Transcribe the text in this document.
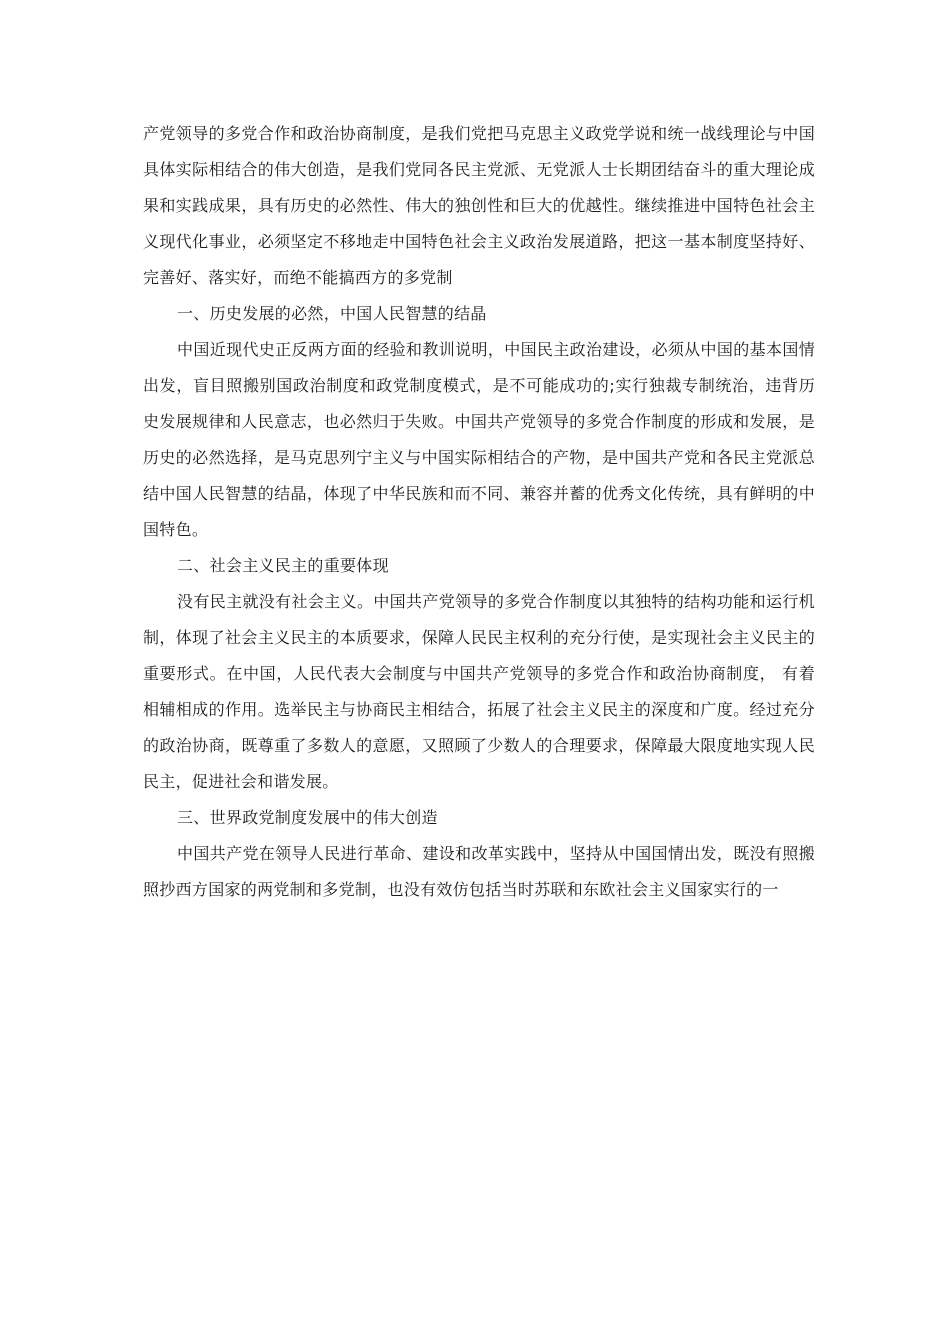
产党领导的多党合作和政治协商制度，是我们党把马克思主义政党学说和统一战线理论与中国具体实际相结合的伟大创造，是我们党同各民主党派、无党派人士长期团结奋斗的重大理论成果和实践成果，具有历史的必然性、伟大的独创性和巨大的优越性。继续推进中国特色社会主义现代化事业，必须坚定不移地走中国特色社会主义政治发展道路，把这一基本制度坚持好、完善好、落实好，而绝不能搞西方的多党制

一、历史发展的必然，中国人民智慧的结晶

中国近现代史正反两方面的经验和教训说明，中国民主政治建设，必须从中国的基本国情出发，盲目照搬别国政治制度和政党制度模式，是不可能成功的;实行独裁专制统治，违背历史发展规律和人民意志，也必然归于失败。中国共产党领导的多党合作制度的形成和发展，是历史的必然选择，是马克思列宁主义与中国实际相结合的产物，是中国共产党和各民主党派总结中国人民智慧的结晶，体现了中华民族和而不同、兼容并蓄的优秀文化传统，具有鲜明的中国特色。

二、社会主义民主的重要体现

没有民主就没有社会主义。中国共产党领导的多党合作制度以其独特的结构功能和运行机制，体现了社会主义民主的本质要求，保障人民民主权利的充分行使，是实现社会主义民主的重要形式。在中国，人民代表大会制度与中国共产党领导的多党合作和政治协商制度， 有着相辅相成的作用。选举民主与协商民主相结合，拓展了社会主义民主的深度和广度。经过充分的政治协商，既尊重了多数人的意愿，又照顾了少数人的合理要求，保障最大限度地实现人民民主，促进社会和谐发展。

三、世界政党制度发展中的伟大创造

中国共产党在领导人民进行革命、建设和改革实践中，坚持从中国国情出发，既没有照搬照抄西方国家的两党制和多党制，也没有效仿包括当时苏联和东欧社会主义国家实行的一
